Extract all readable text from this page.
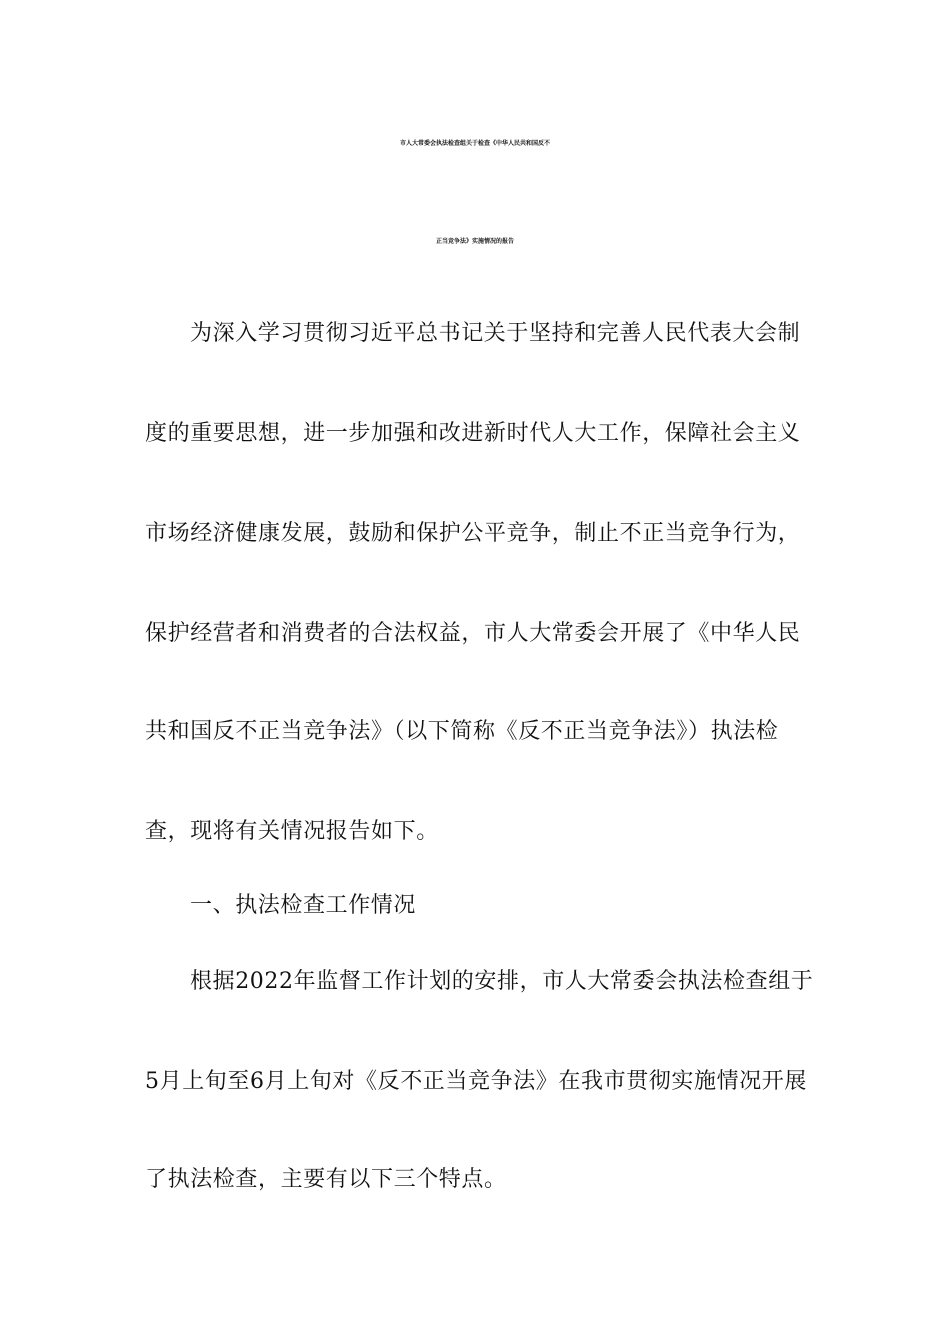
市人大常委会执法检查组关于检查《中华人民共和国反不
正当竞争法》实施情况的报告
为深入学习贯彻习近平总书记关于坚持和完善人民代表大会制
度的重要思想，进一步加强和改进新时代人大工作，保障社会主义
市场经济健康发展，鼓励和保护公平竞争，制止不正当竞争行为，
保护经营者和消费者的合法权益，市人大常委会开展了《中华人民
共和国反不正当竞争法》（以下简称《反不正当竞争法》）执法检
查，现将有关情况报告如下。
一、执法检查工作情况
根据2022年监督工作计划的安排，市人大常委会执法检查组于
5月上旬至6月上旬对《反不正当竞争法》在我市贯彻实施情况开展
了执法检查，主要有以下三个特点。
